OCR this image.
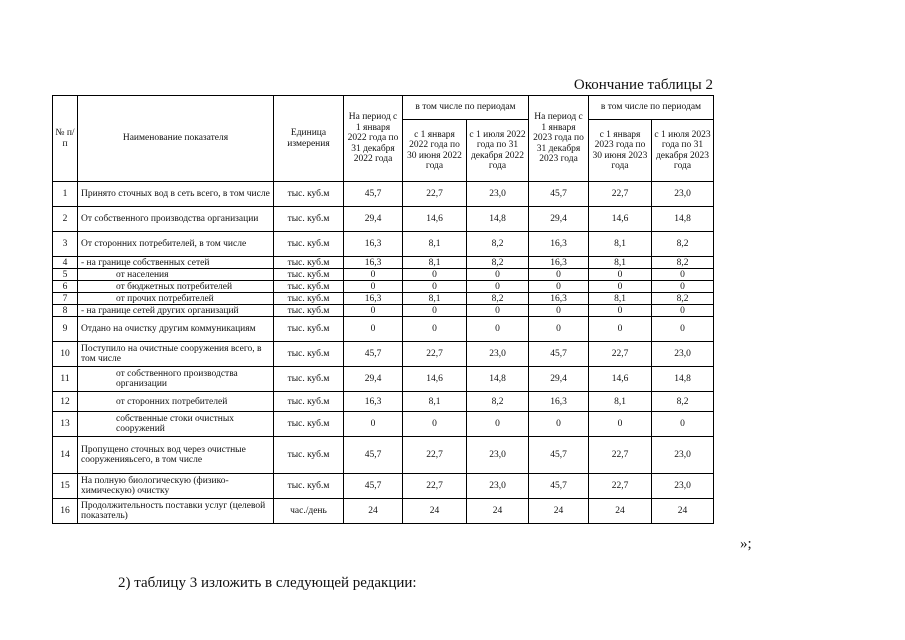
Окончание таблицы 2
№ п/п	Наименование показателя	Единица измерения	На период с 1 января 2022 года по 31 декабря 2022 года	в том числе по периодам		На период с 1 января 2023 года по 31 декабря 2023 года	в том числе по периодам	
				с 1 января 2022 года по 30 июня 2022 года	с 1 июля 2022 года по 31 декабря 2022 года		с 1 января 2023 года по 30 июня 2023 года	с 1 июля 2023 года по 31 декабря 2023 года
1	Принято сточных вод в сеть всего, в том числе	тыс. куб.м	45,7	22,7	23,0	45,7	22,7	23,0
2	От собственного производства организации	тыс. куб.м	29,4	14,6	14,8	29,4	14,6	14,8
3	От сторонних потребителей, в том числе	тыс. куб.м	16,3	8,1	8,2	16,3	8,1	8,2
4	- на границе собственных сетей	тыс. куб.м	16,3	8,1	8,2	16,3	8,1	8,2
5	от населения	тыс. куб.м	0	0	0	0	0	0
6	от бюджетных потребителей	тыс. куб.м	0	0	0	0	0	0
7	от прочих потребителей	тыс. куб.м	16,3	8,1	8,2	16,3	8,1	8,2
8	- на границе сетей других организаций	тыс. куб.м	0	0	0	0	0	0
9	Отдано на очистку другим коммуникациям	тыс. куб.м	0	0	0	0	0	0
10	Поступило на очистные сооружения всего, в том числе	тыс. куб.м	45,7	22,7	23,0	45,7	22,7	23,0
11	от собственного производства организации	тыс. куб.м	29,4	14,6	14,8	29,4	14,6	14,8
12	от сторонних потребителей	тыс. куб.м	16,3	8,1	8,2	16,3	8,1	8,2
13	собственные стоки очистных сооружений	тыс. куб.м	0	0	0	0	0	0
14	Пропущено сточных вод через очистные сооруженияьсего, в том числе	тыс. куб.м	45,7	22,7	23,0	45,7	22,7	23,0
15	На полную биологическую (физико-химическую) очистку	тыс. куб.м	45,7	22,7	23,0	45,7	22,7	23,0
16	Продолжительность поставки услуг (целевой показатель)	час./день	24	24	24	24	24	24
»;
2) таблицу 3 изложить в следующей редакции:
